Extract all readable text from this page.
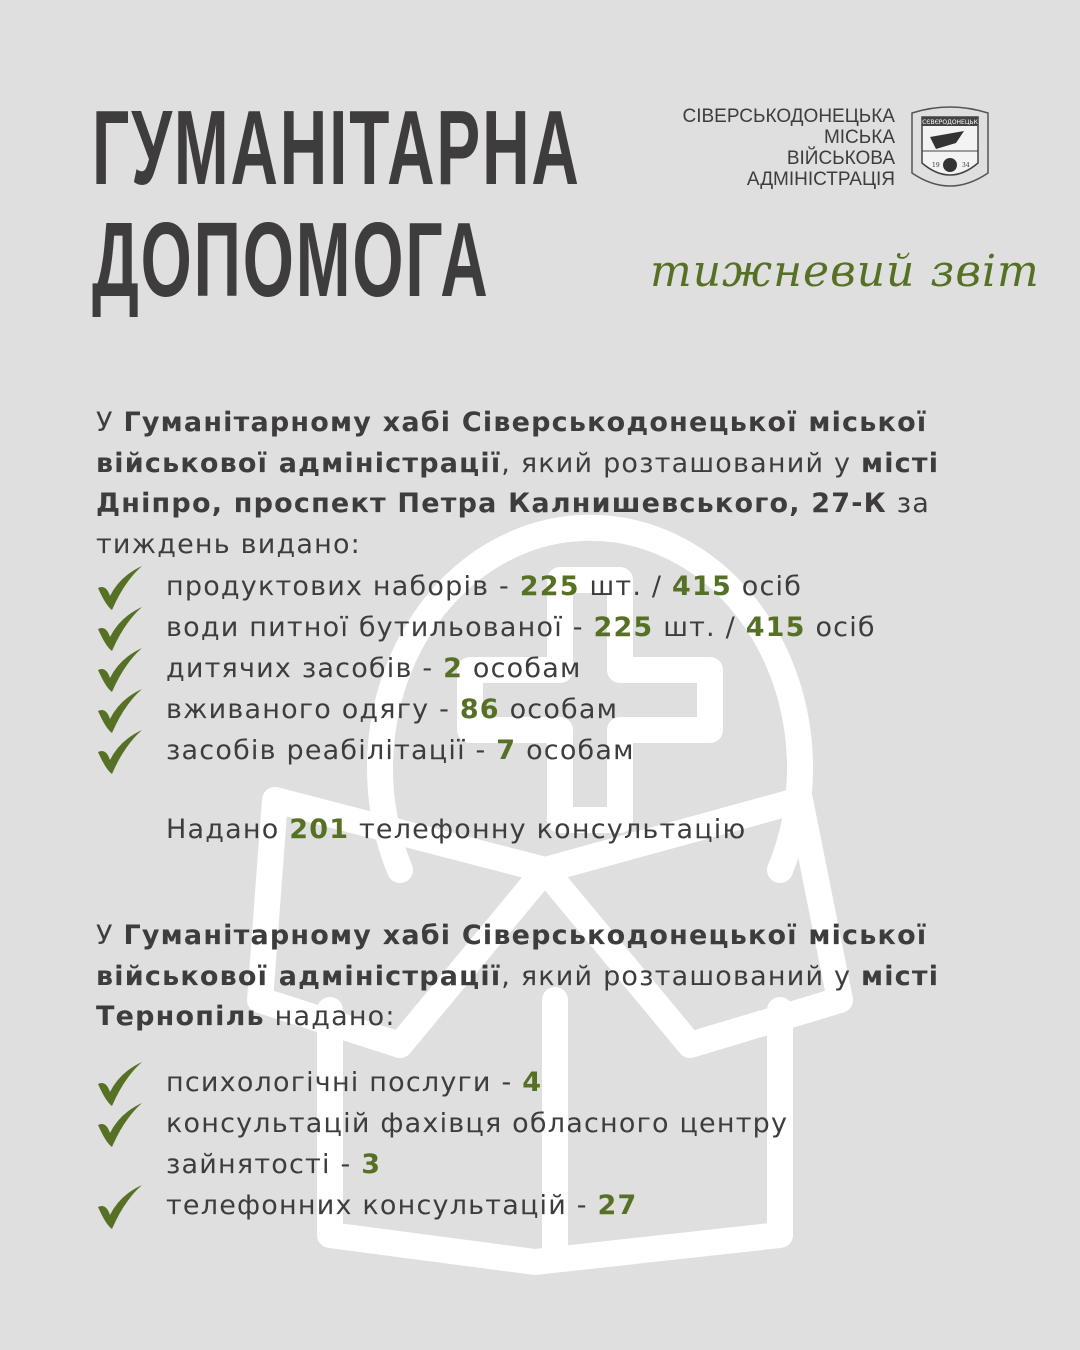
ГУМАНІТАРНА
ДОПОМОГА
СІВЕРСЬКОДОНЕЦЬКА
МІСЬКА
ВІЙСЬКОВА
АДМІНІСТРАЦІЯ
СЄВЄРОДОНЕЦЬК
19	34
тижневий звіт
У Гуманітарному хабі Сіверськодонецької міської військової адміністрації, який розташований у місті Дніпро, проспект Петра Калнишевського, 27-К за тиждень видано:
продуктових наборів - 225 шт. / 415 осіб
води питної бутильованої - 225 шт. / 415 осіб
дитячих засобів - 2 особам
вживаного одягу - 86 особам
засобів реабілітації - 7 особам
Надано 201 телефонну консультацію
У Гуманітарному хабі Сіверськодонецької міської військової адміністрації, який розташований у місті Тернопіль надано:
психологічні послуги - 4
консультацій фахівця обласного центру зайнятості - 3
телефонних консультацій - 27
